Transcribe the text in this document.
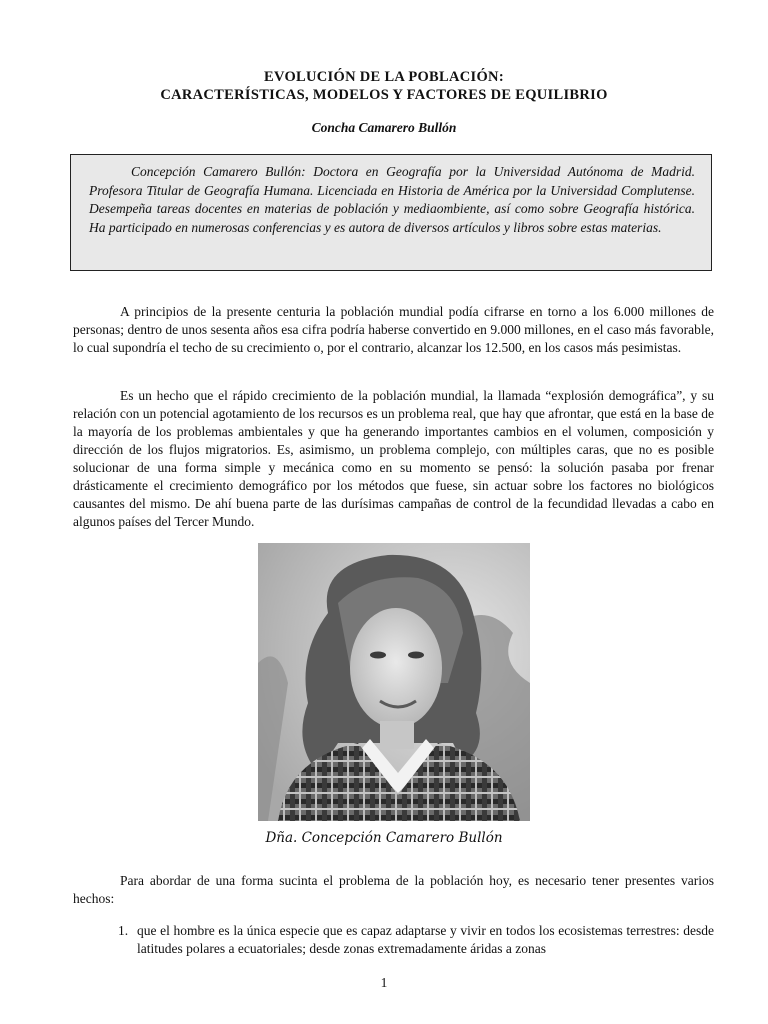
EVOLUCIÓN DE LA POBLACIÓN:
CARACTERÍSTICAS, MODELOS Y FACTORES DE EQUILIBRIO
Concha Camarero Bullón

Concepción Camarero Bullón: Doctora en Geografía por la Universidad Autónoma de Madrid. Profesora Titular de Geografía Humana. Licenciada en Historia de América por la Universidad Complutense. Desempeña tareas docentes en materias de población y mediaombiente, así como sobre Geografía histórica. Ha participado en numerosas conferencias y es autora de diversos artículos y libros sobre estas materias.

A principios de la presente centuria la población mundial podía cifrarse en torno a los 6.000 millones de personas; dentro de unos sesenta años esa cifra podría haberse convertido en 9.000 millones, en el caso más favorable, lo cual supondría el techo de su crecimiento o, por el contrario, alcanzar los 12.500, en los casos más pesimistas.

Es un hecho que el rápido crecimiento de la población mundial, la llamada “explosión demográfica”, y su relación con un potencial agotamiento de los recursos es un problema real, que hay que afrontar, que está en la base de la mayoría de los problemas ambientales y que ha generando importantes cambios en el volumen, composición y dirección de los flujos migratorios. Es, asimismo, un problema complejo, con múltiples caras, que no es posible solucionar de una forma simple y mecánica como en su momento se pensó: la solución pasaba por frenar drásticamente el crecimiento demográfico por los métodos que fuese, sin actuar sobre los factores no biológicos causantes del mismo. De ahí buena parte de las durísimas campañas de control de la fecundidad llevadas a cabo en algunos países del Tercer Mundo.

Dña. Concepción Camarero Bullón

Para abordar de una forma sucinta el problema de la población hoy, es necesario tener presentes varios hechos:

1. que el hombre es la única especie que es capaz adaptarse y vivir en todos los ecosistemas terrestres: desde latitudes polares a ecuatoriales; desde zonas extremadamente áridas a zonas
1
